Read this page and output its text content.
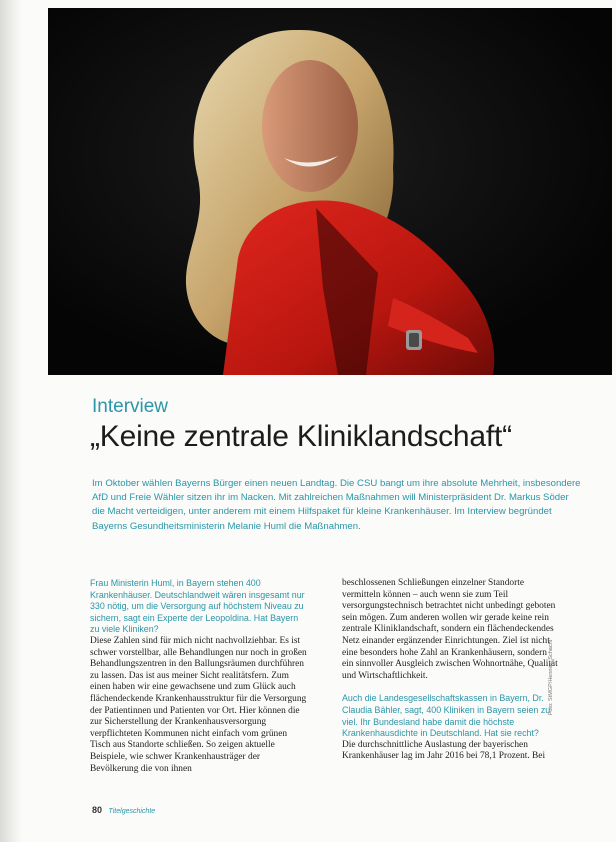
Interview
„Keine zentrale Kliniklandschaft“
Im Oktober wählen Bayerns Bürger einen neuen Landtag. Die CSU bangt um ihre absolute Mehrheit, insbesondere AfD und Freie Wähler sitzen ihr im Nacken. Mit zahlreichen Maßnahmen will Ministerpräsident Dr. Markus Söder die Macht verteidigen, unter anderem mit einem Hilfspaket für kleine Krankenhäuser. Im Interview begründet Bayerns Gesundheitsministerin Melanie Huml die Maßnahmen.

Frau Ministerin Huml, in Bayern stehen 400 Krankenhäuser. Deutschlandweit wären insgesamt nur 330 nötig, um die Versorgung auf höchstem Niveau zu sichern, sagt ein Experte der Leopoldina. Hat Bayern zu viele Kliniken?

Diese Zahlen sind für mich nicht nachvollziehbar. Es ist schwer vorstellbar, alle Behandlungen nur noch in großen Behandlungszentren in den Ballungsräumen durchführen zu lassen. Das ist aus meiner Sicht realitätsfern. Zum einen haben wir eine gewachsene und zum Glück auch flächendeckende Krankenhausstruktur für die Versorgung der Patientinnen und Patienten vor Ort. Hier können die zur Sicherstellung der Krankenhausversorgung verpflichteten Kommunen nicht einfach vom grünen Tisch aus Standorte schließen. So zeigen aktuelle Beispiele, wie schwer Krankenhausträger der Bevölkerung die von ihnen

beschlossenen Schließungen einzelner Standorte vermitteln können – auch wenn sie zum Teil versorgungstechnisch betrachtet nicht unbedingt geboten sein mögen. Zum anderen wollen wir gerade keine rein zentrale Kliniklandschaft, sondern ein flächendeckendes Netz einander ergänzender Einrichtungen. Ziel ist nicht eine besonders hohe Zahl an Krankenhäusern, sondern ein sinnvoller Ausgleich zwischen Wohnortnähe, Qualität und Wirtschaftlichkeit.

Auch die Landesgesellschaftskassen in Bayern, Dr. Claudia Bähler, sagt, 400 Kliniken in Bayern seien zu viel. Ihr Bundesland habe damit die höchste Krankenhausdichte in Deutschland. Hat sie recht?

Die durchschnittliche Auslastung der bayerischen Krankenhäuser lag im Jahr 2016 bei 78,1 Prozent. Bei

Foto: StMGP/Henning Schacht
80 Titelgeschichte
